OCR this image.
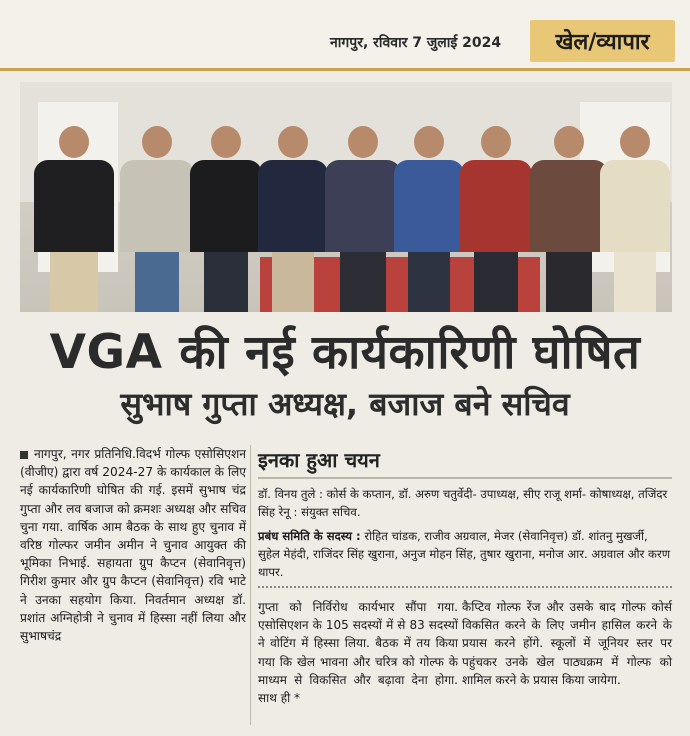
नागपुर, रविवार 7 जुलाई 2024	खेल/व्यापार
VGA की नई कार्यकारिणी घोषित
सुभाष गुप्ता अध्यक्ष, बजाज बने सचिव
नागपुर, नगर प्रतिनिधि.विदर्भ गोल्फ एसोसिएशन (वीजीए) द्वारा वर्ष 2024-27 के कार्यकाल के लिए नई कार्यकारिणी घोषित की गई. इसमें सुभाष चंद्र गुप्ता और लव बजाज को क्रमशः अध्यक्ष और सचिव चुना गया. वार्षिक आम बैठक के साथ हुए चुनाव में वरिष्ठ गोल्फर जमीन अमीन ने चुनाव आयुक्त की भूमिका निभाई. सहायता ग्रुप कैप्टन (सेवानिवृत्त) गिरीश कुमार और ग्रुप कैप्टन (सेवानिवृत्त) रवि भाटे ने उनका सहयोग किया. निवर्तमान अध्यक्ष डॉ. प्रशांत अग्निहोत्री ने चुनाव में हिस्सा नहीं लिया और सुभाषचंद्र
इनका हुआ चयन
डॉ. विनय तुले : कोर्स के कप्तान, डॉ. अरुण चतुर्वेदी- उपाध्यक्ष, सीए राजू शर्मा- कोषाध्यक्ष, तजिंदर सिंह रेनू : संयुक्त सचिव.
प्रबंध समिति के सदस्य : रोहित चांडक, राजीव अग्रवाल, मेजर (सेवानिवृत्त) डॉ. शांतनु मुखर्जी, सुहेल मेहंदी, राजिंदर सिंह खुराना, अनुज मोहन सिंह, तुषार खुराना, मनोज आर. अग्रवाल और करण थापर.
गुप्ता को निर्विरोध कार्यभार सौंपा गया. एसोसिएशन के 105 सदस्यों में से 83 सदस्यों ने वोटिंग में हिस्सा लिया. बैठक में तय किया गया कि खेल भावना और चरित्र को गोल्फ के माध्यम से विकसित और बढ़ावा देना होगा. साथ ही *
कैप्टिव गोल्फ रेंज और उसके बाद गोल्फ कोर्स विकसित करने के लिए जमीन हासिल करने के प्रयास करने होंगे. स्कूलों में जूनियर स्तर पर पहुंचकर उनके खेल पाठ्यक्रम में गोल्फ को शामिल करने के प्रयास किया जायेगा.
